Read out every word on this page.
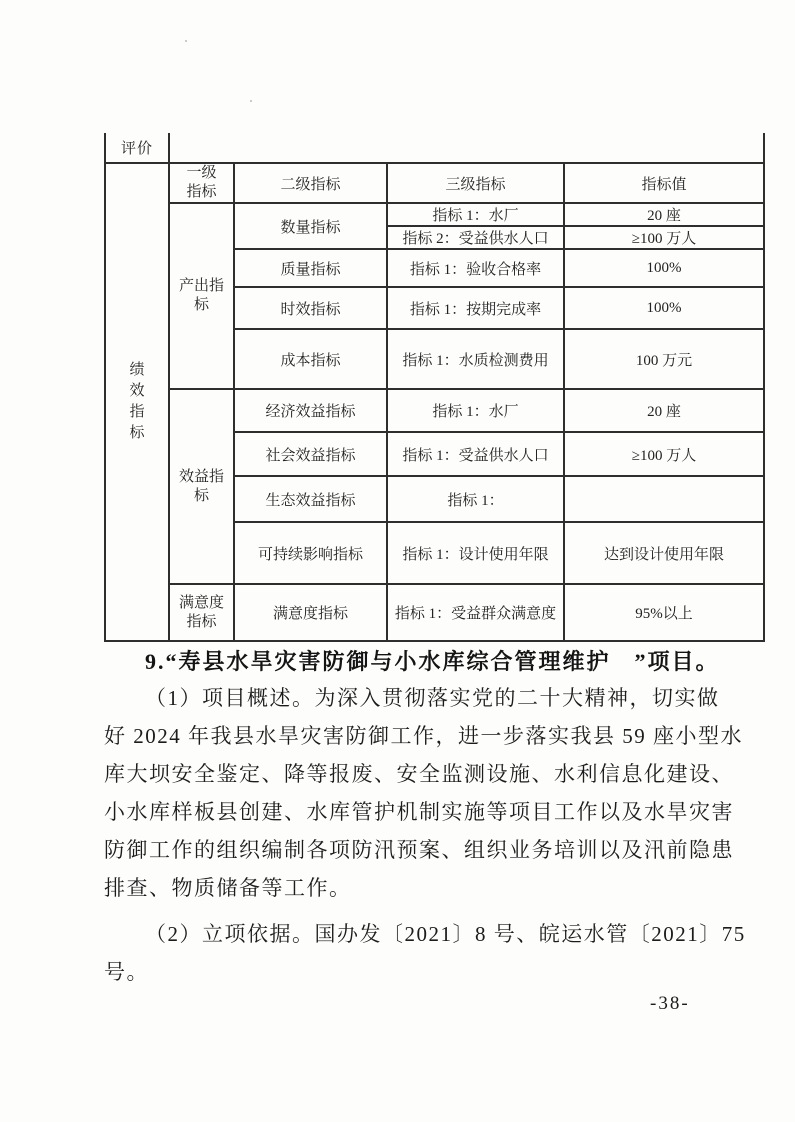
评价				
绩效指标	一级指标	二级指标	三级指标	指标值
	产出指标	数量指标	指标 1：水厂	20 座
			指标 2：受益供水人口	≥100 万人
		质量指标	指标 1：验收合格率	100%
		时效指标	指标 1：按期完成率	100%
		成本指标	指标 1：水质检测费用	100 万元
	效益指标	经济效益指标	指标 1：水厂	20 座
		社会效益指标	指标 1：受益供水人口	≥100 万人
		生态效益指标	指标 1：	
		可持续影响指标	指标 1：设计使用年限	达到设计使用年限
	满意度指标	满意度指标	指标 1：受益群众满意度	95%以上
9.“寿县水旱灾害防御与小水库综合管理维护　”项目。
（1）项目概述。为深入贯彻落实党的二十大精神，切实做
好 2024 年我县水旱灾害防御工作，进一步落实我县 59 座小型水
库大坝安全鉴定、降等报废、安全监测设施、水利信息化建设、
小水库样板县创建、水库管护机制实施等项目工作以及水旱灾害
防御工作的组织编制各项防汛预案、组织业务培训以及汛前隐患
排查、物质储备等工作。
（2）立项依据。国办发〔2021〕8 号、皖运水管〔2021〕75
号。
-38-
